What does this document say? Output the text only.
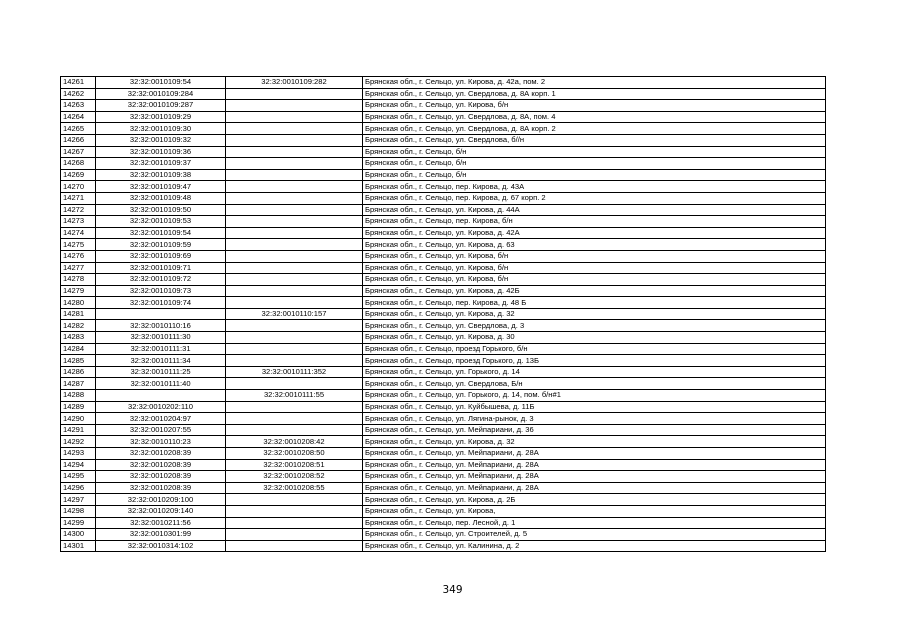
14261	32:32:0010109:54	32:32:0010109:282	Брянская обл., г. Сельцо, ул. Кирова, д. 42а, пом. 2
14262	32:32:0010109:284		Брянская обл., г. Сельцо, ул. Свердлова, д. 8А корп. 1
14263	32:32:0010109:287		Брянская обл., г. Сельцо, ул. Кирова, б/н
14264	32:32:0010109:29		Брянская обл., г. Сельцо, ул. Свердлова, д. 8А, пом. 4
14265	32:32:0010109:30		Брянская обл., г. Сельцо, ул. Свердлова, д. 8А корп. 2
14266	32:32:0010109:32		Брянская обл., г. Сельцо, ул. Свердлова, б//н
14267	32:32:0010109:36		Брянская обл., г. Сельцо, б/н
14268	32:32:0010109:37		Брянская обл., г. Сельцо, б/н
14269	32:32:0010109:38		Брянская обл., г. Сельцо, б/н
14270	32:32:0010109:47		Брянская обл., г. Сельцо, пер. Кирова, д. 43А
14271	32:32:0010109:48		Брянская обл., г. Сельцо, пер. Кирова, д. 67 корп. 2
14272	32:32:0010109:50		Брянская обл., г. Сельцо, ул. Кирова, д. 44А
14273	32:32:0010109:53		Брянская обл., г. Сельцо, пер. Кирова, б/н
14274	32:32:0010109:54		Брянская обл., г. Сельцо, ул. Кирова, д. 42А
14275	32:32:0010109:59		Брянская обл., г. Сельцо, ул. Кирова, д. 63
14276	32:32:0010109:69		Брянская обл., г. Сельцо, ул. Кирова, б/н
14277	32:32:0010109:71		Брянская обл., г. Сельцо, ул. Кирова, б/н
14278	32:32:0010109:72		Брянская обл., г. Сельцо, ул. Кирова, б/н
14279	32:32:0010109:73		Брянская обл., г. Сельцо, ул. Кирова, д. 42Б
14280	32:32:0010109:74		Брянская обл., г. Сельцо, пер. Кирова, д. 48 Б
14281		32:32:0010110:157	Брянская обл., г. Сельцо, ул. Кирова, д. 32
14282	32:32:0010110:16		Брянская обл., г. Сельцо, ул. Свердлова, д. 3
14283	32:32:0010111:30		Брянская обл., г. Сельцо, ул. Кирова, д. 30
14284	32:32:0010111:31		Брянская обл., г. Сельцо, проезд Горького, б/н
14285	32:32:0010111:34		Брянская обл., г. Сельцо, проезд Горького, д. 13Б
14286	32:32:0010111:25	32:32:0010111:352	Брянская обл., г. Сельцо, ул. Горького, д. 14
14287	32:32:0010111:40		Брянская обл., г. Сельцо, ул. Свердлова, Б/н
14288		32:32:0010111:55	Брянская обл., г. Сельцо, ул. Горького, д. 14, пом. б/н#1
14289	32:32:0010202:110		Брянская обл., г. Сельцо, ул. Куйбышева, д. 11Б
14290	32:32:0010204:97		Брянская обл., г. Сельцо, ул. Лягина-рынок, д. 3
14291	32:32:0010207:55		Брянская обл., г. Сельцо, ул. Мейпариани, д. 36
14292	32:32:0010110:23	32:32:0010208:42	Брянская обл., г. Сельцо, ул. Кирова, д. 32
14293	32:32:0010208:39	32:32:0010208:50	Брянская обл., г. Сельцо, ул. Мейпариани, д. 28А
14294	32:32:0010208:39	32:32:0010208:51	Брянская обл., г. Сельцо, ул. Мейпариани, д. 28А
14295	32:32:0010208:39	32:32:0010208:52	Брянская обл., г. Сельцо, ул. Мейпариани, д. 28А
14296	32:32:0010208:39	32:32:0010208:55	Брянская обл., г. Сельцо, ул. Мейпариани, д. 28А
14297	32:32:0010209:100		Брянская обл., г. Сельцо, ул. Кирова, д. 2Б
14298	32:32:0010209:140		Брянская обл., г. Сельцо, ул. Кирова,
14299	32:32:0010211:56		Брянская обл., г. Сельцо, пер. Лесной, д. 1
14300	32:32:0010301:99		Брянская обл., г. Сельцо, ул. Строителей, д. 5
14301	32:32:0010314:102		Брянская обл., г. Сельцо, ул. Калинина, д. 2
349
